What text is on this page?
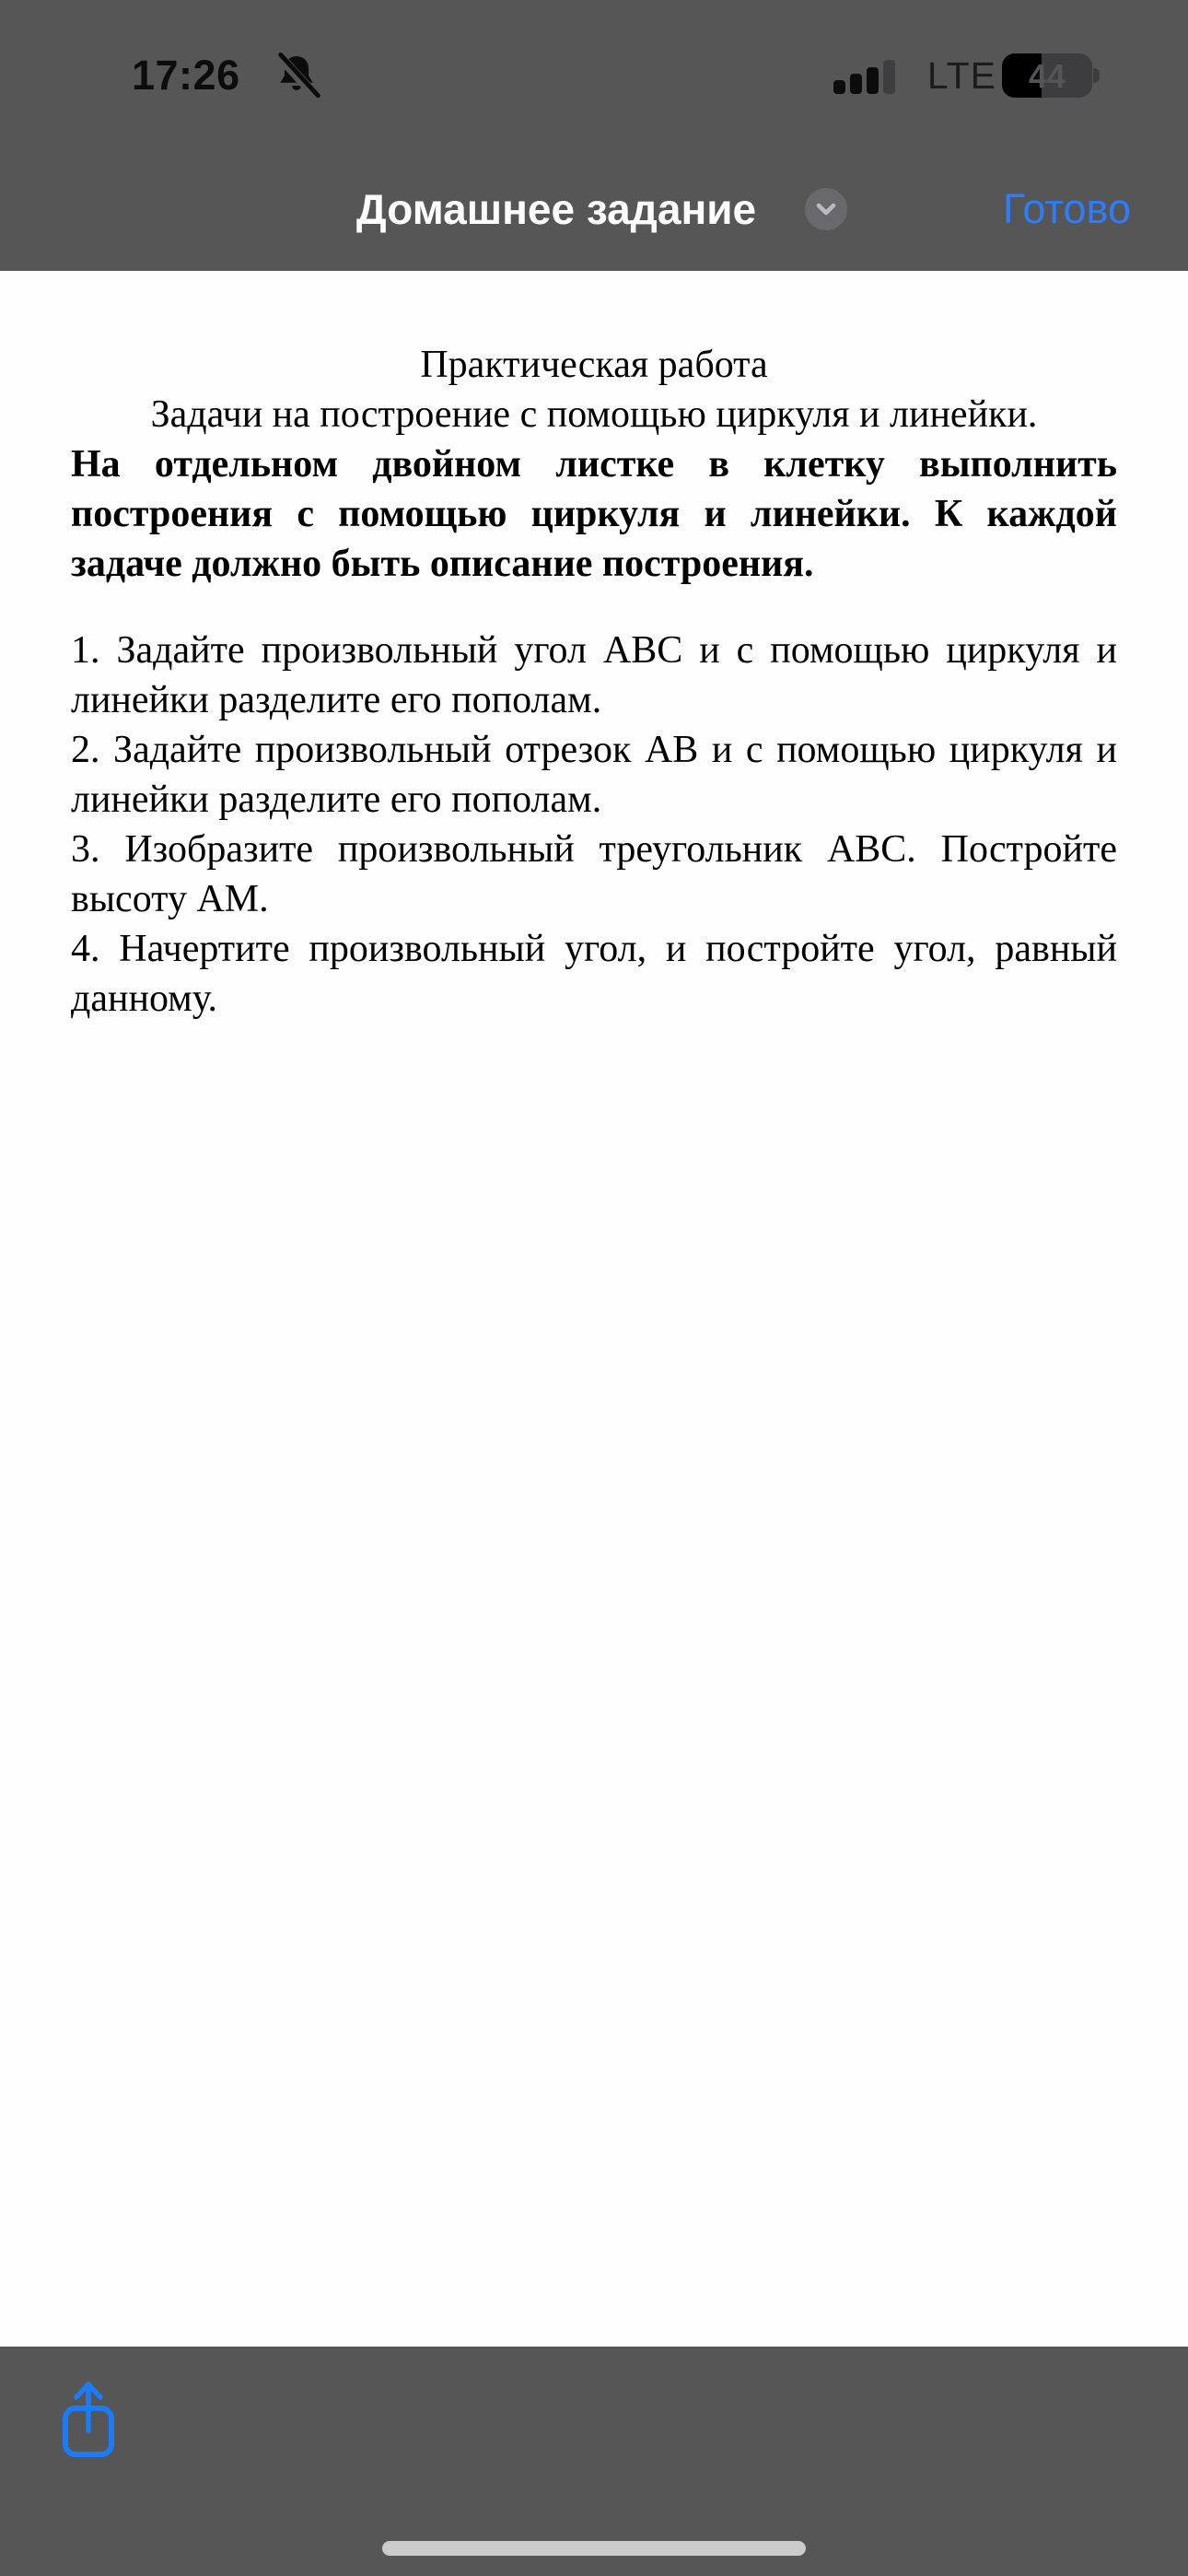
17:26	LTE 44
Домашнее задание	Готово

Практическая работа

Задачи на построение с помощью циркуля и линейки.

На отдельном двойном листке в клетку выполнить построения с помощью циркуля и линейки. К каждой задаче должно быть описание построения.

1. Задайте произвольный угол АВС и с помощью циркуля и линейки разделите его пополам.

2. Задайте произвольный отрезок АВ и с помощью циркуля и линейки разделите его пополам.

3. Изобразите произвольный треугольник АВС. Постройте высоту АМ.

4. Начертите произвольный угол, и постройте угол, равный данному.
